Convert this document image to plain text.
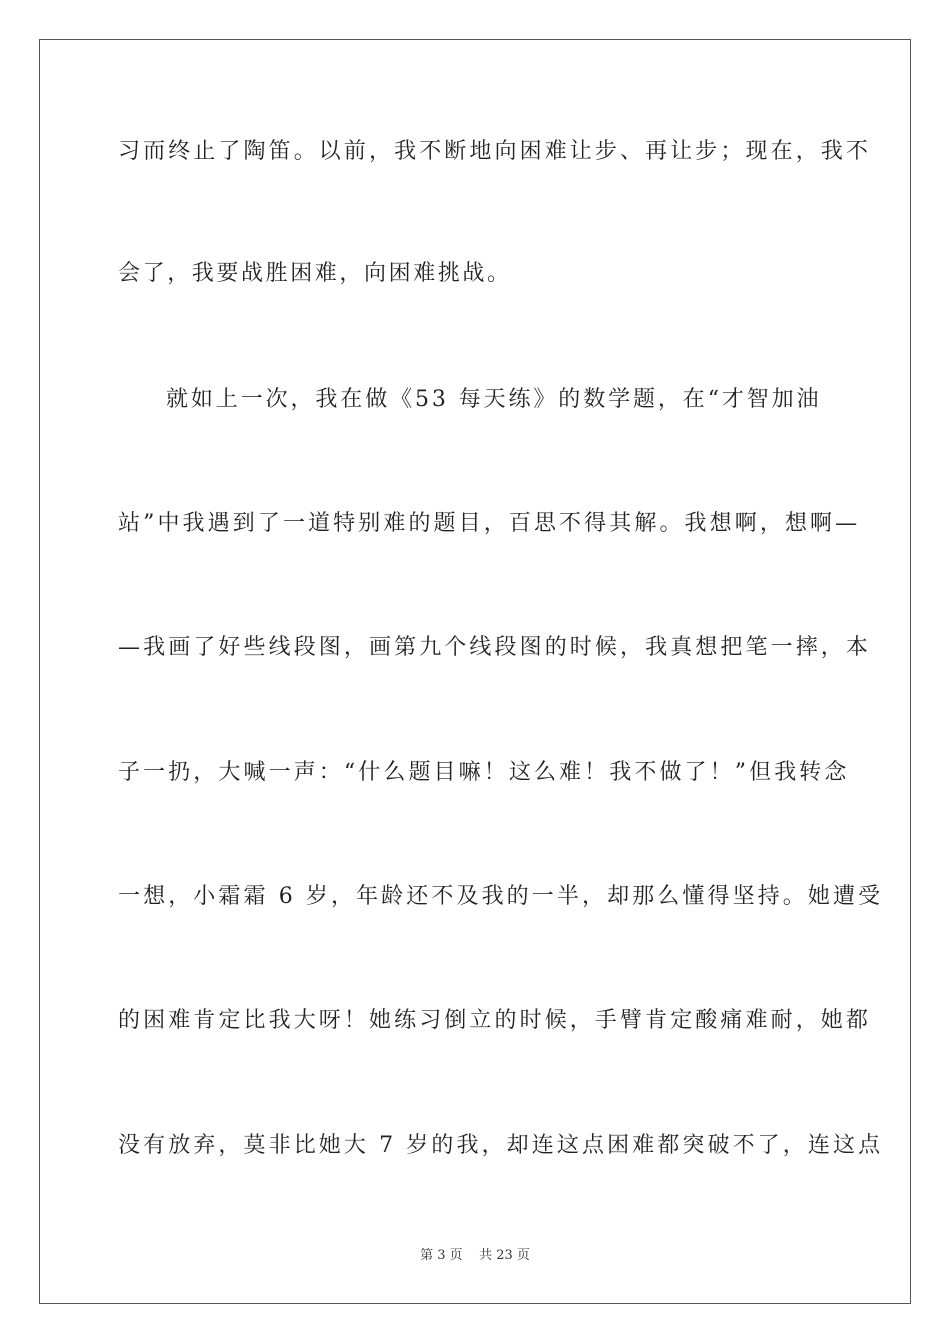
习而终止了陶笛。以前，我不断地向困难让步、再让步；现在，我不
会了，我要战胜困难，向困难挑战。
就如上一次，我在做《53 每天练》的数学题，在“才智加油
站”中我遇到了一道特别难的题目，百思不得其解。我想啊，想啊—
—我画了好些线段图，画第九个线段图的时候，我真想把笔一摔，本
子一扔，大喊一声：“什么题目嘛！这么难！我不做了！”但我转念
一想，小霜霜 6 岁，年龄还不及我的一半，却那么懂得坚持。她遭受
的困难肯定比我大呀！她练习倒立的时候，手臂肯定酸痛难耐，她都
没有放弃，莫非比她大 7 岁的我，却连这点困难都突破不了，连这点
第 3 页    共 23 页
